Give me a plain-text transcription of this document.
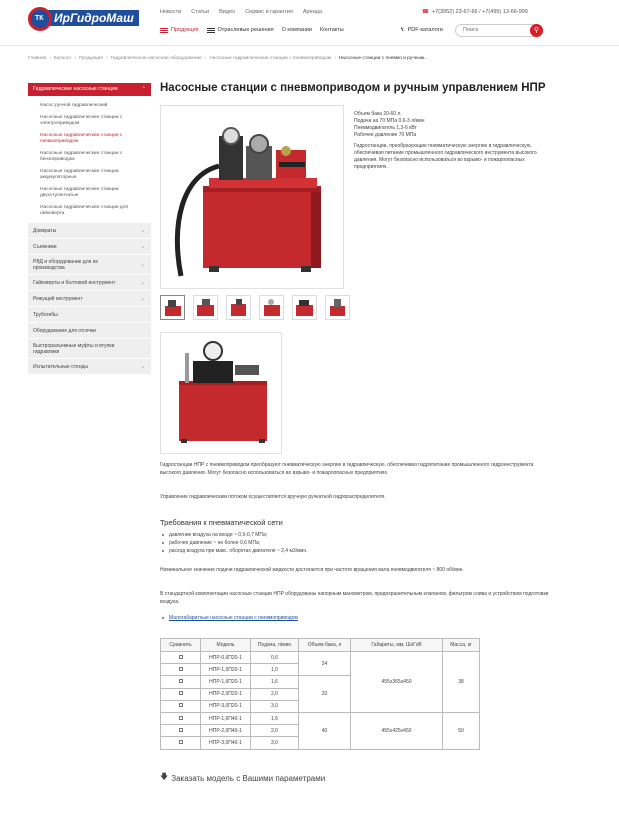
ИрГидроМаш
ТК
Новости Статьи Видео Сервис и гарантия Аренда	☎ +7(3952) 23-67-66 / +7(495) 13-66-999
Продукция	Отраслевые решения О компании Контакты	↯ PDF-каталоги
Поиск	⚲
Главная › Каталог › Продукция › Гидравлическое насосное оборудование › Насосные гидравлические станции с пневмоприводом › Насосные станции с пневмо и ручным...
Гидравлические насосные станции	⌃
Насос ручной гидравлический
Насосные гидравлические станции с электроприводом
Насосные гидравлические станции с пневмоприводом
Насосные гидравлические станции с бензоприводом
Насосные гидравлические станции аккумуляторные
Насосные гидравлические станции двухступенчатые
Насосные гидравлические станции для гайковерта
Домкраты	⌄
Съемники	⌄
РВД и оборудование для их производства	⌄
Гайковерты и болтовой инструмент	⌄
Режущий инструмент	⌄
Трубогибы
Оборудование для отсечки
Быстроразъемные муфты и втулки гидравлики
Испытательные стенды	⌄
Насосные станции с пневмоприводом и ручным управлением НПР
Объем бака 20-60 л.
Подача на 70 МПа 0,6-3 л/мин
Пневмодвигатель 1,3-6 кВт
Рабочее давление 70 МПа
Гидростанции, преобразующие пневматическую энергию в гидравлическую, обеспечивая питание промышленного гидравлического инструмента высокого давления. Могут безопасно использоваться во взрыво- и пожароопасных предприятиях.
Гидростанции НПР с пневмоприводом преобразуют пневматическую энергию в гидравлическую, обеспечивая гидропитание промышленного гидроинструмента высокого давления. Могут безопасно использоваться во взрыво- и пожароопасных предприятиях.
Управление гидравлическим потоком осуществляется вручную ручкатной гидрораспределителя.
Требования к пневматической сети
давление воздуха на входе ~ 0,5-0,7 МПа;
рабочее давление ~ не более 0,6 МПа;
расход воздуха при макс. оборотах двигателя ~ 2,4 м3/мин.
Номинальное значение подачи гидравлической жидкости достигается при частоте вращения вала пневмодвигателя ~ 800 об/мин.
В стандартной комплектации насосные станции НПР оборудованы напорным манометром, предохранительным клапаном, фильтром слива и устройством подготовки воздуха.
Малогабаритные насосные станции с пневмоприводом
Сравнить	Модель	Подача, л/мин	Объем бака, л	Габариты, мм, ШхГхВ	Масса, кг
	НПР-0,6П20-1	0,6	24	455х365х450	38
	НПР-1,0П20-1	1,0			
	НПР-1,6П20-1	1,6	20		
	НПР-2,0П20-1	2,0			
	НПР-3,0П20-1	3,0			
	НПР-1,6П40-1	1,6	40	455х425х450	50
	НПР-2,0П40-1	2,0			
	НПР-3,0П40-1	3,0			
🡇 Заказать модель с Вашими параметрами
